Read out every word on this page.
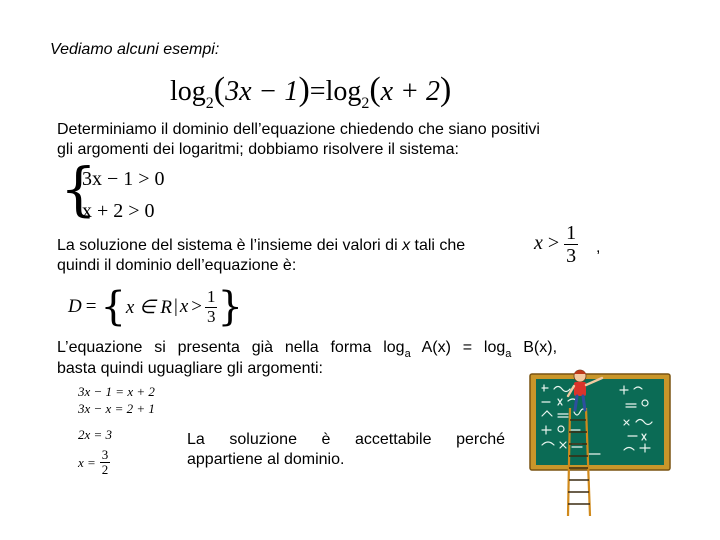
Vediamo alcuni esempi:
$\log_2(3x - 1)=\log_2(x + 2)$
Determiniamo il dominio dell’equazione chiedendo che siano positivi
gli argomenti dei logaritmi; dobbiamo risolvere il sistema:
{
3x − 1 > 0
x + 2 > 0
La soluzione del sistema è l’insieme dei valori di x tali che
quindi il dominio dell’equazione è:
$x > \frac{1}{3}$ ,
D = { x ∈ R | $x > \frac{1}{3}$ }
L’equazione si presenta già nella forma $\log_a A(x) = \log_a B(x)$,
basta quindi uguagliare gli argomenti:
3x − 1 = x + 2
3x − x = 2 + 1
2x = 3
$x = \frac{3}{2}$
La soluzione è accettabile perché
appartiene al dominio.
